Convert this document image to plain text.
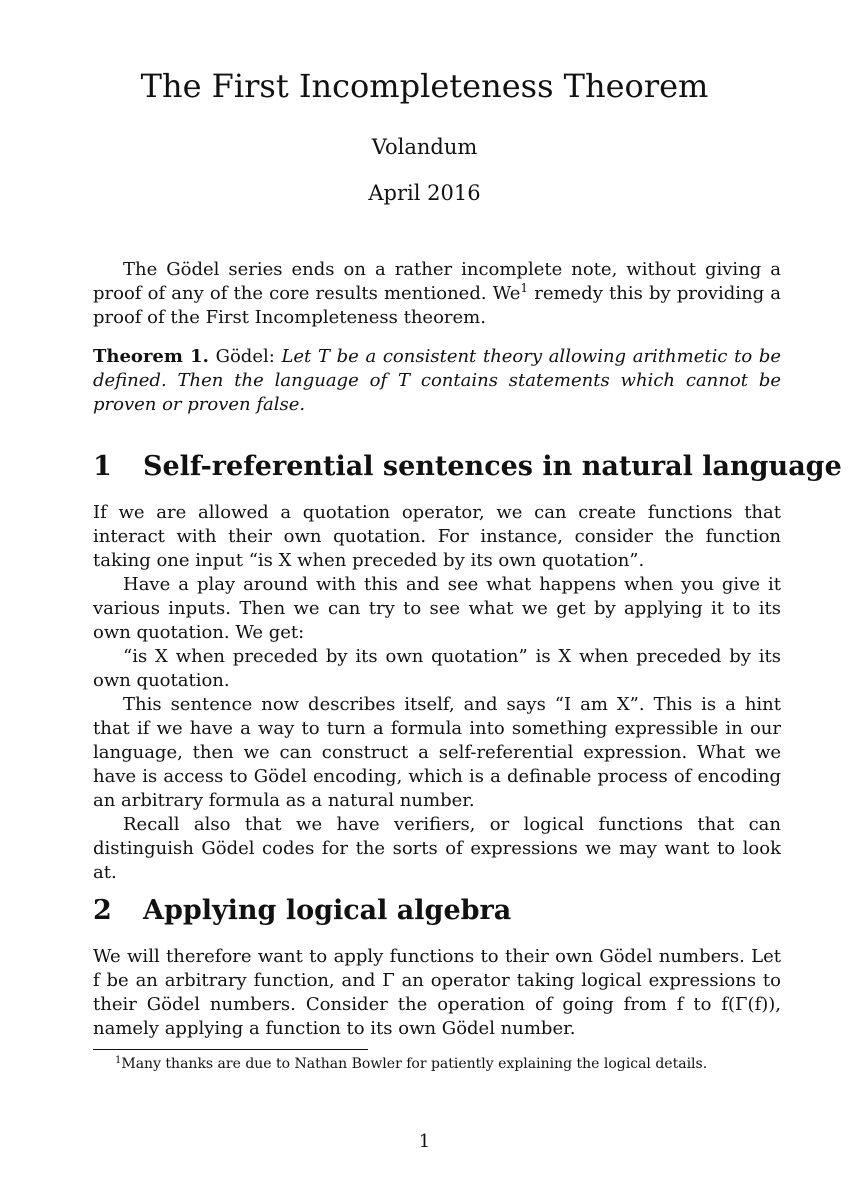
The First Incompleteness Theorem

Volandum

April 2016

The Gödel series ends on a rather incomplete note, without giving a proof of any of the core results mentioned. We$^1$ remedy this by providing a proof of the First Incompleteness theorem.

Theorem 1. Gödel: Let T be a consistent theory allowing arithmetic to be defined. Then the language of T contains statements which cannot be proven or proven false.

1 Self-referential sentences in natural language

If we are allowed a quotation operator, we can create functions that interact with their own quotation. For instance, consider the function taking one input “is X when preceded by its own quotation”.

Have a play around with this and see what happens when you give it various inputs. Then we can try to see what we get by applying it to its own quotation. We get:

“is X when preceded by its own quotation” is X when preceded by its own quotation.

This sentence now describes itself, and says “I am X”. This is a hint that if we have a way to turn a formula into something expressible in our language, then we can construct a self-referential expression. What we have is access to Gödel encoding, which is a definable process of encoding an arbitrary formula as a natural number.

Recall also that we have verifiers, or logical functions that can distinguish Gödel codes for the sorts of expressions we may want to look at.

2 Applying logical algebra

We will therefore want to apply functions to their own Gödel numbers. Let f be an arbitrary function, and Γ an operator taking logical expressions to their Gödel numbers. Consider the operation of going from f to f(Γ(f)), namely applying a function to its own Gödel number.

$^1$Many thanks are due to Nathan Bowler for patiently explaining the logical details.

1
